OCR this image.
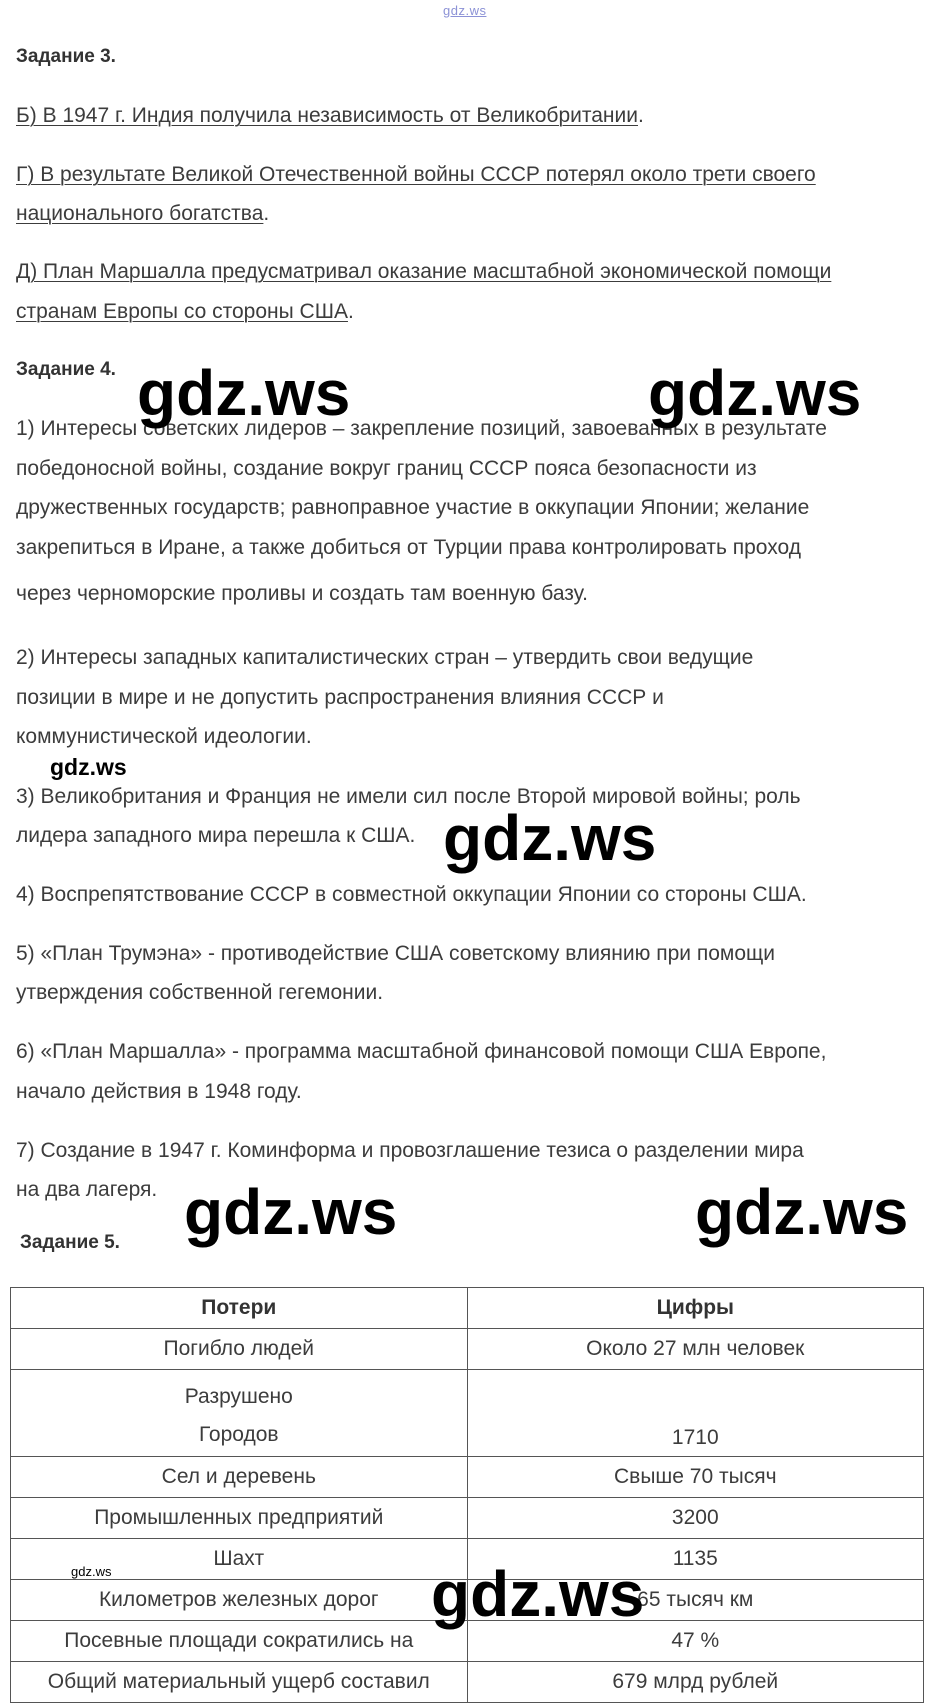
gdz.ws
Задание 3.
Б) В 1947 г. Индия получила независимость от Великобритании.
Г) В результате Великой Отечественной войны СССР потерял около трети своего
национального богатства.
Д) План Маршалла предусматривал оказание масштабной экономической помощи
странам Европы со стороны США.
Задание 4.
1) Интересы советских лидеров – закрепление позиций, завоеванных в результате
победоносной войны, создание вокруг границ СССР пояса безопасности из
дружественных государств; равноправное участие в оккупации Японии; желание
закрепиться в Иране, а также добиться от Турции права контролировать проход
через черноморские проливы и создать там военную базу.
2) Интересы западных капиталистических стран – утвердить свои ведущие
позиции в мире и не допустить распространения влияния СССР и
коммунистической идеологии.
3) Великобритания и Франция не имели сил после Второй мировой войны; роль
лидера западного мира перешла к США.
4) Воспрепятствование СССР в совместной оккупации Японии со стороны США.
5) «План Трумэна» - противодействие США советскому влиянию при помощи
утверждения собственной гегемонии.
6) «План Маршалла» - программа масштабной финансовой помощи США Европе,
начало действия в 1948 году.
7) Создание в 1947 г. Коминформа и провозглашение тезиса о разделении мира
на два лагеря.
Задание 5.
Потери	Цифры
Погибло людей	Около 27 млн человек

Разрушено
Городов	1710
Сел и деревень	Свыше 70 тысяч
Промышленных предприятий	3200
Шахт	1135
Километров железных дорог	65 тысяч км
Посевные площади сократились на	47 %
Общий материальный ущерб составил	679 млрд рублей
gdz.ws	gdz.ws
gdz.ws
gdz.ws
gdz.ws	gdz.ws
gdz.ws	gdz.ws
